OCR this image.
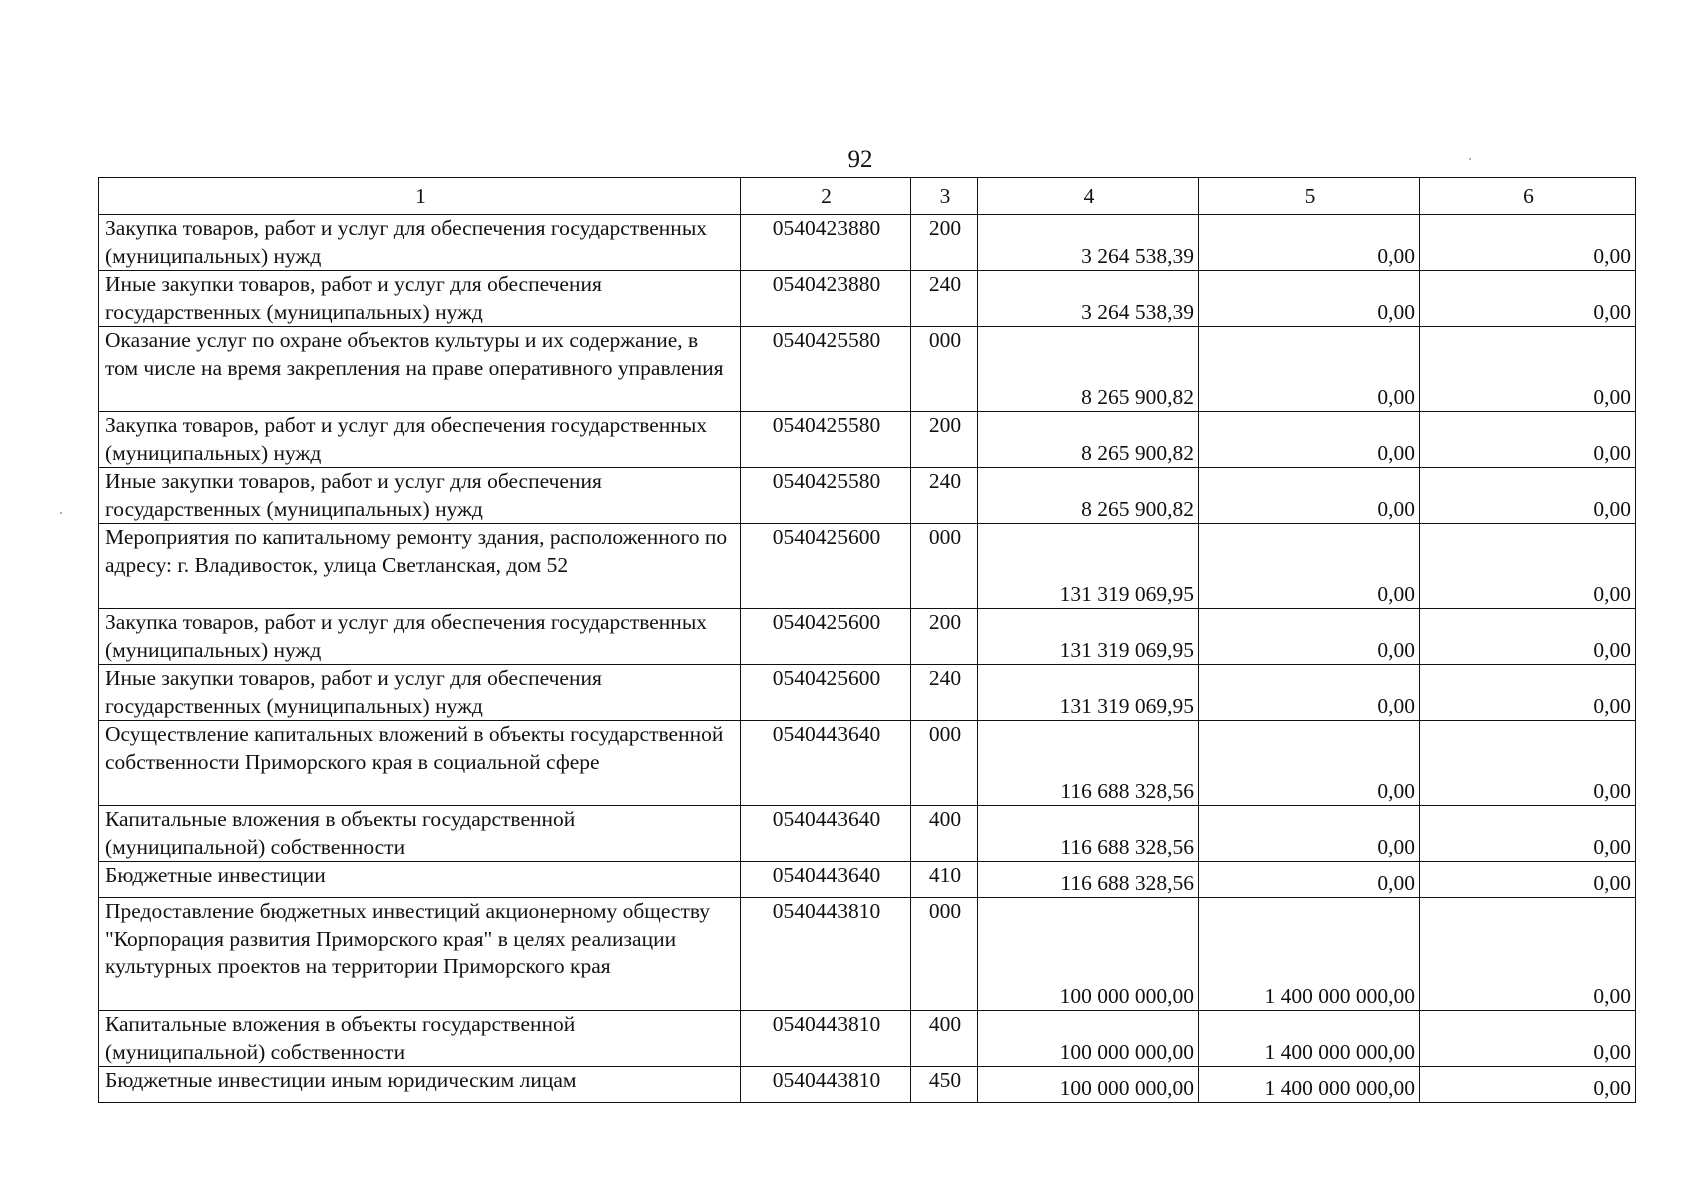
92
1	2	3	4	5	6
Закупка товаров, работ и услуг для обеспечения государственных (муниципальных) нужд	0540423880	200	3 264 538,39	0,00	0,00
Иные закупки товаров, работ и услуг для обеспечения государственных (муниципальных) нужд	0540423880	240	3 264 538,39	0,00	0,00
Оказание услуг по охране объектов культуры и их содержание, в том числе на время закрепления на праве оперативного управления	0540425580	000	8 265 900,82	0,00	0,00
Закупка товаров, работ и услуг для обеспечения государственных (муниципальных) нужд	0540425580	200	8 265 900,82	0,00	0,00
Иные закупки товаров, работ и услуг для обеспечения государственных (муниципальных) нужд	0540425580	240	8 265 900,82	0,00	0,00
Мероприятия по капитальному ремонту здания, расположенного по адресу: г. Владивосток, улица Светланская, дом 52	0540425600	000	131 319 069,95	0,00	0,00
Закупка товаров, работ и услуг для обеспечения государственных (муниципальных) нужд	0540425600	200	131 319 069,95	0,00	0,00
Иные закупки товаров, работ и услуг для обеспечения государственных (муниципальных) нужд	0540425600	240	131 319 069,95	0,00	0,00
Осуществление капитальных вложений в объекты государственной собственности Приморского края в социальной сфере	0540443640	000	116 688 328,56	0,00	0,00
Капитальные вложения в объекты государственной (муниципальной) собственности	0540443640	400	116 688 328,56	0,00	0,00
Бюджетные инвестиции	0540443640	410	116 688 328,56	0,00	0,00
Предоставление бюджетных инвестиций акционерному обществу "Корпорация развития Приморского края" в целях реализации культурных проектов на территории Приморского края	0540443810	000	100 000 000,00	1 400 000 000,00	0,00
Капитальные вложения в объекты государственной (муниципальной) собственности	0540443810	400	100 000 000,00	1 400 000 000,00	0,00
Бюджетные инвестиции иным юридическим лицам	0540443810	450	100 000 000,00	1 400 000 000,00	0,00
